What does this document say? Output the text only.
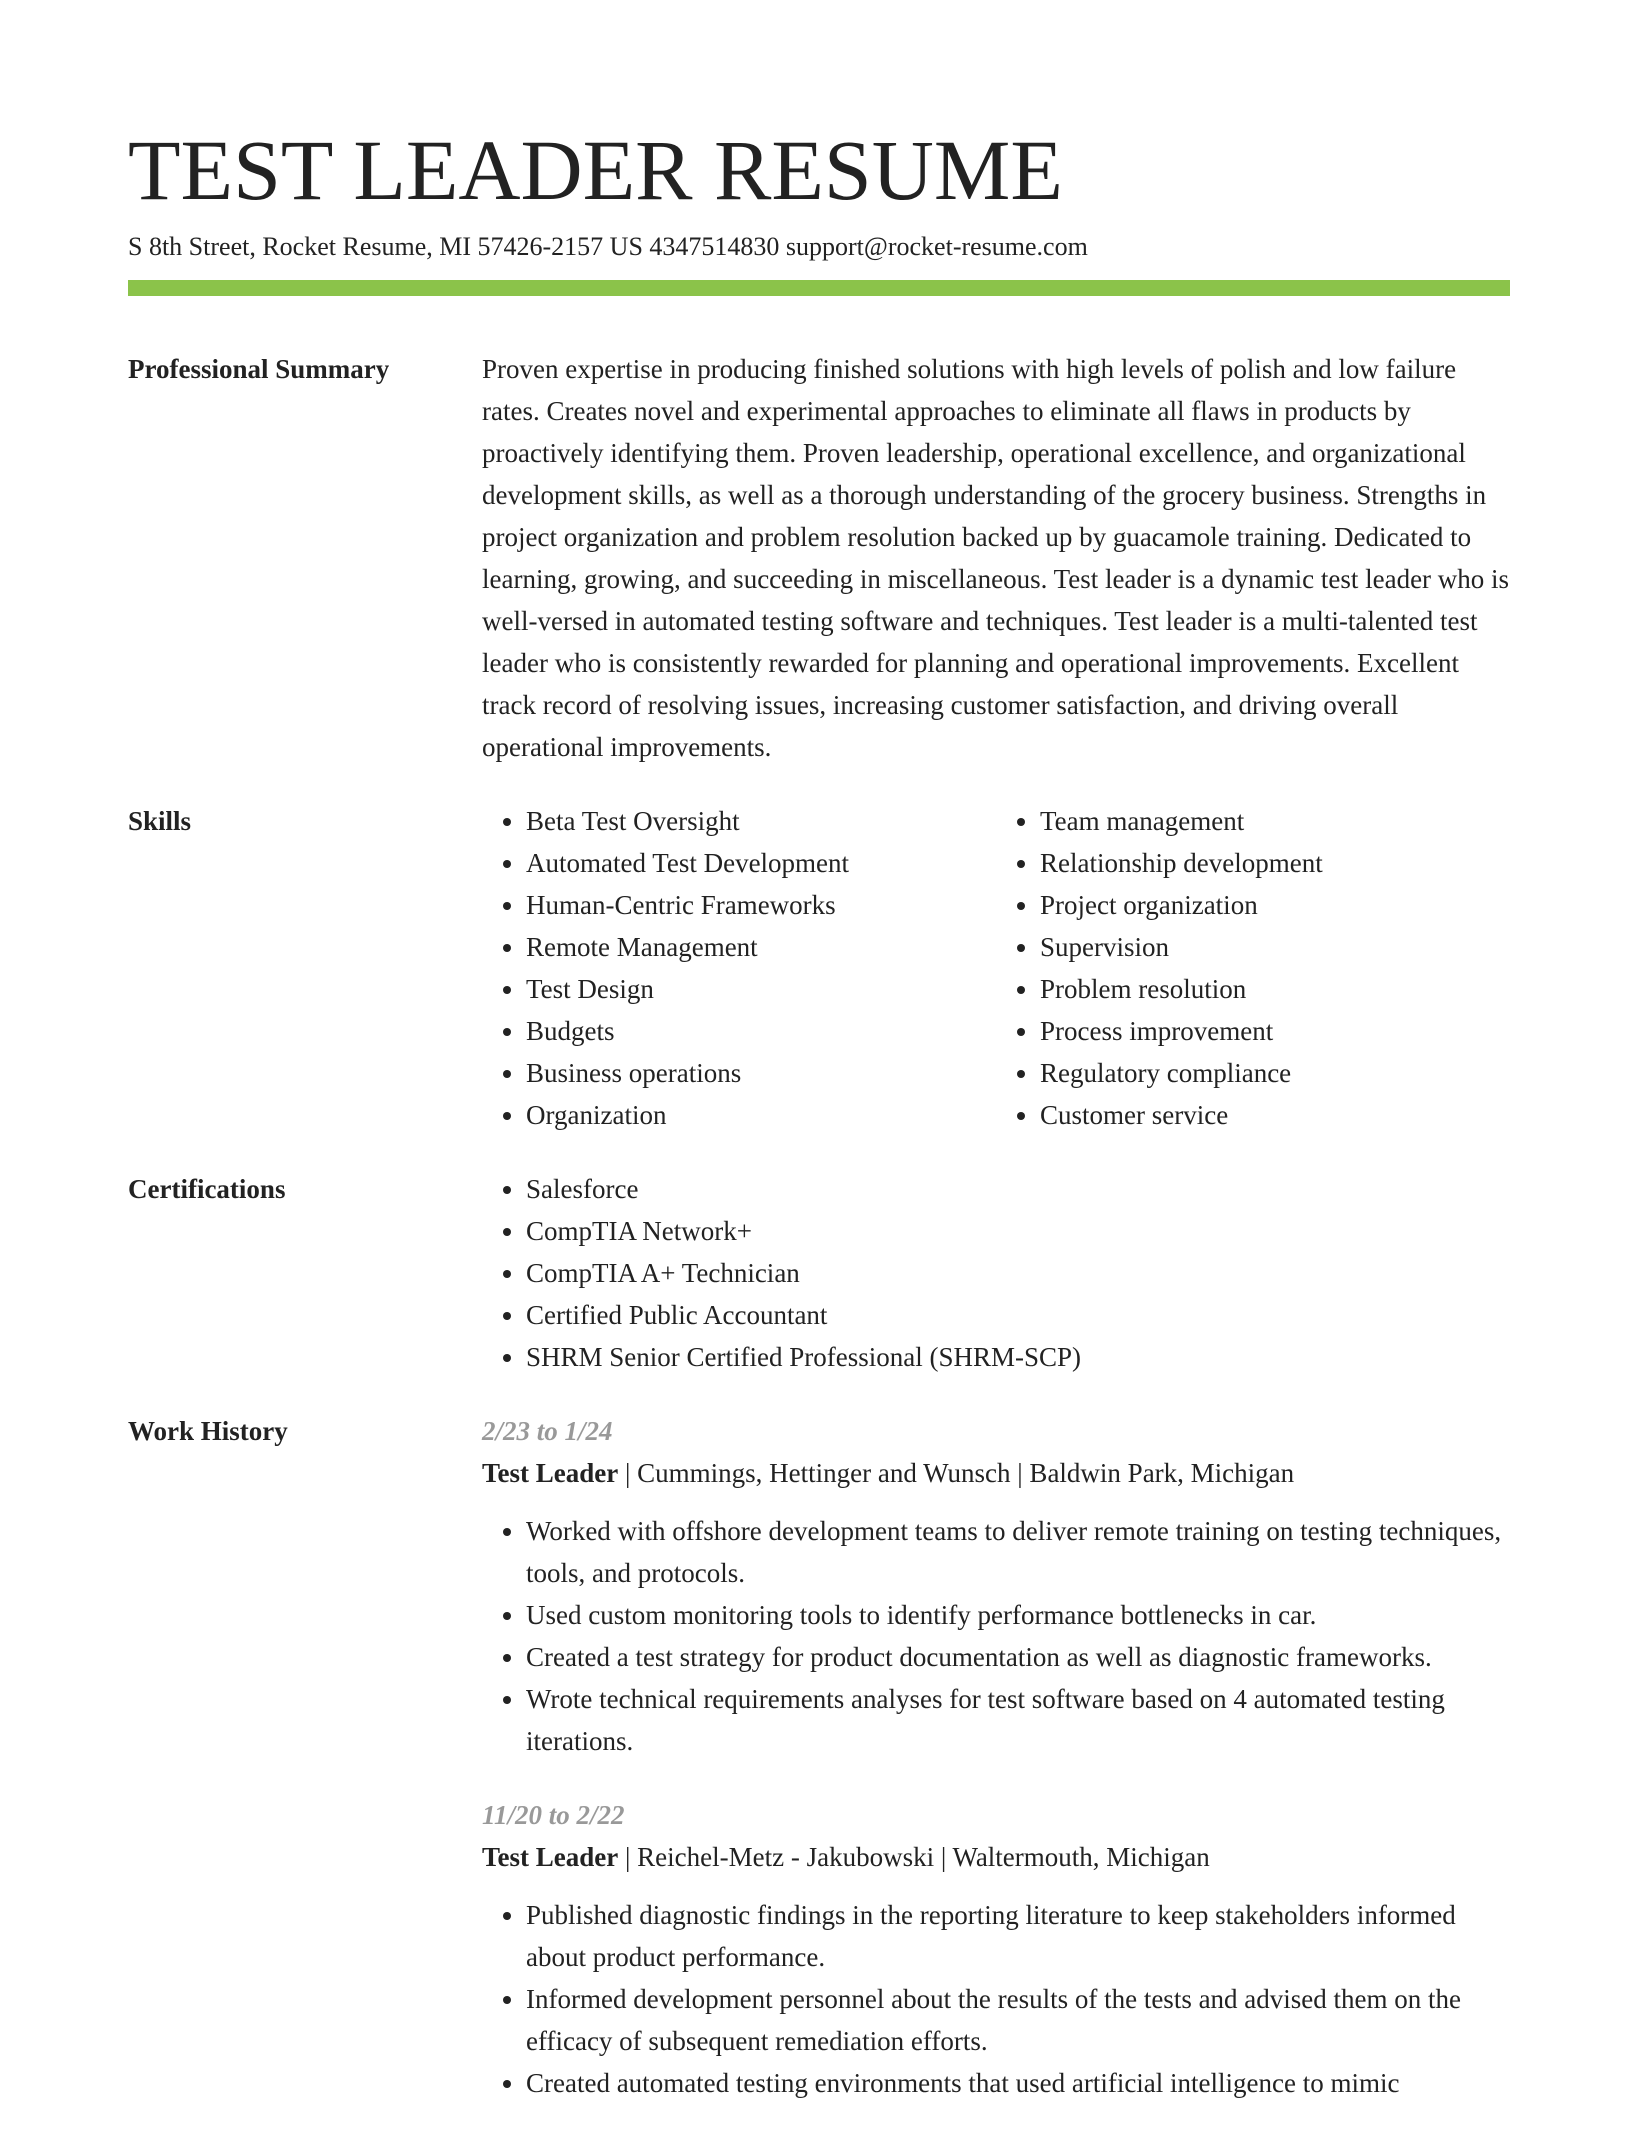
TEST LEADER RESUME
S 8th Street, Rocket Resume, MI 57426-2157 US 4347514830 support@rocket-resume.com
Professional Summary	Proven expertise in producing finished solutions with high levels of polish and low failure rates. Creates novel and experimental approaches to eliminate all flaws in products by proactively identifying them. Proven leadership, operational excellence, and organizational development skills, as well as a thorough understanding of the grocery business. Strengths in project organization and problem resolution backed up by guacamole training. Dedicated to learning, growing, and succeeding in miscellaneous. Test leader is a dynamic test leader who is well-versed in automated testing software and techniques. Test leader is a multi-talented test leader who is consistently rewarded for planning and operational improvements. Excellent track record of resolving issues, increasing customer satisfaction, and driving overall operational improvements.

Skills	• Beta Test Oversight
• Automated Test Development
• Human-Centric Frameworks
• Remote Management
• Test Design
• Budgets
• Business operations
• Organization
• Team management
• Relationship development
• Project organization
• Supervision
• Problem resolution
• Process improvement
• Regulatory compliance
• Customer service
Certifications	• Salesforce
• CompTIA Network+
• CompTIA A+ Technician
• Certified Public Accountant
• SHRM Senior Certified Professional (SHRM-SCP)
Work History	2/23 to 1/24
Test Leader | Cummings, Hettinger and Wunsch | Baldwin Park, Michigan
• Worked with offshore development teams to deliver remote training on testing techniques, tools, and protocols.
• Used custom monitoring tools to identify performance bottlenecks in car.
• Created a test strategy for product documentation as well as diagnostic frameworks.
• Wrote technical requirements analyses for test software based on 4 automated testing iterations.
11/20 to 2/22
Test Leader | Reichel-Metz - Jakubowski | Waltermouth, Michigan
• Published diagnostic findings in the reporting literature to keep stakeholders informed about product performance.
• Informed development personnel about the results of the tests and advised them on the efficacy of subsequent remediation efforts.
• Created automated testing environments that used artificial intelligence to mimic
